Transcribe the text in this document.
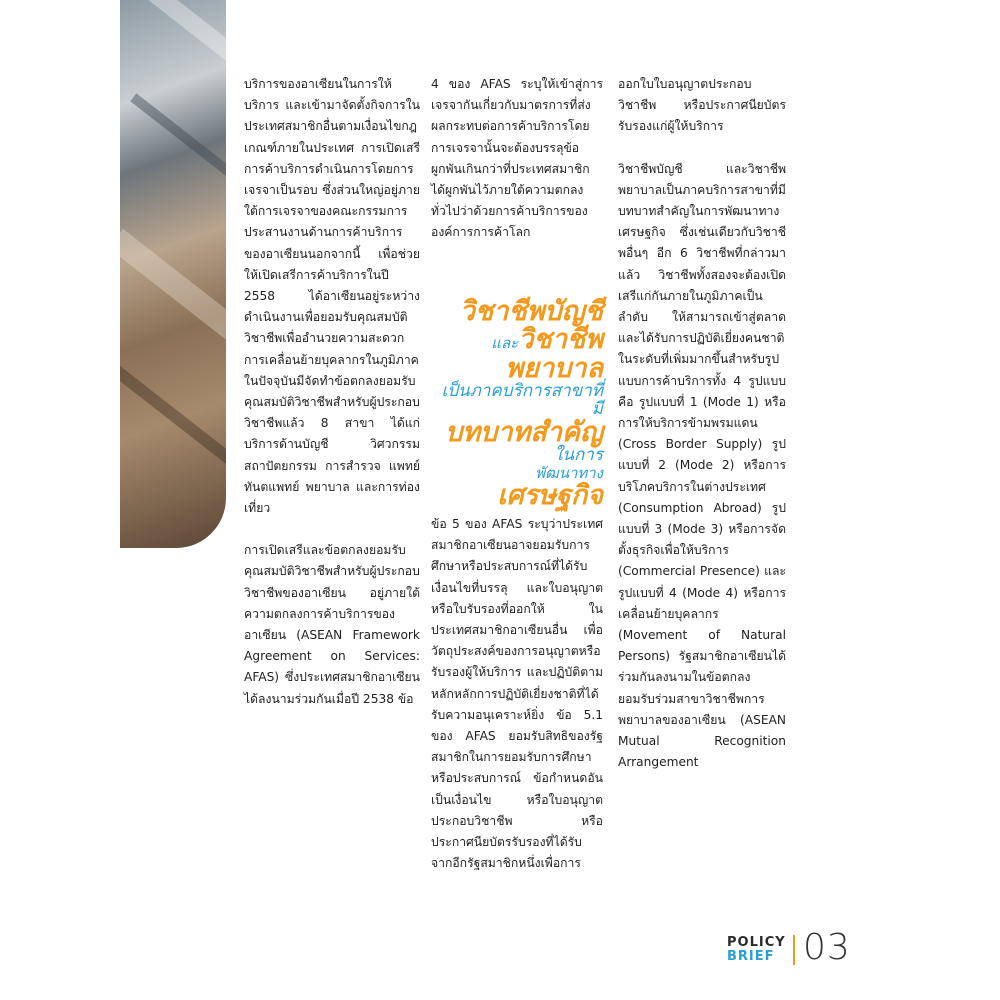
บริการของอาเซียนในการให้บริการ และเข้ามาจัดตั้งกิจการในประเทศสมาชิกอื่นตามเงื่อนไขกฎเกณฑ์ภายในประเทศ การเปิดเสรีการค้าบริการดำเนินการโดยการเจรจาเป็นรอบ ซึ่งส่วนใหญ่อยู่ภายใต้การเจรจาของคณะกรรมการประสานงานด้านการค้าบริการของอาเซียนนอกจากนี้ เพื่อช่วยให้เปิดเสรีการค้าบริการในปี 2558 ได้อาเซียนอยู่ระหว่างดำเนินงานเพื่อยอมรับคุณสมบัติวิชาชีพเพื่ออำนวยความสะดวกการเคลื่อนย้ายบุคลากรในภูมิภาคในปัจจุบันมีจัดทำข้อตกลงยอมรับคุณสมบัติวิชาชีพสำหรับผู้ประกอบวิชาชีพแล้ว 8 สาขา ได้แก่ บริการด้านบัญชี วิศวกรรม สถาปัตยกรรม การสำรวจ แพทย์ ทันตแพทย์ พยาบาล และการท่องเที่ยว

การเปิดเสรีและข้อตกลงยอมรับคุณสมบัติวิชาชีพสำหรับผู้ประกอบวิชาชีพของอาเซียน อยู่ภายใต้ความตกลงการค้าบริการของอาเซียน (ASEAN Framework Agreement on Services: AFAS) ซึ่งประเทศสมาชิกอาเซียนได้ลงนามร่วมกันเมื่อปี 2538 ข้อ

4 ของ AFAS ระบุให้เข้าสู่การเจรจากันเกี่ยวกับมาตรการที่ส่งผลกระทบต่อการค้าบริการโดยการเจรจานั้นจะต้องบรรลุข้อผูกพันเกินกว่าที่ประเทศสมาชิกได้ผูกพันไว้ภายใต้ความตกลงทั่วไปว่าด้วยการค้าบริการขององค์การการค้าโลก

วิชาชีพบัญชี
และวิชาชีพพยาบาล
เป็นภาคบริการสาขาที่มี
บทบาทสำคัญในการ
พัฒนาทางเศรษฐกิจ

ข้อ 5 ของ AFAS ระบุว่าประเทศสมาชิกอาเซียนอาจยอมรับการศึกษาหรือประสบการณ์ที่ได้รับ เงื่อนไขที่บรรลุ และใบอนุญาตหรือใบรับรองที่ออกให้ ในประเทศสมาชิกอาเซียนอื่น เพื่อวัตถุประสงค์ของการอนุญาตหรือรับรองผู้ให้บริการ และปฏิบัติตามหลักหลักการปฏิบัติเยี่ยงชาติที่ได้รับความอนุเคราะห์ยิ่ง ข้อ 5.1 ของ AFAS ยอมรับสิทธิของรัฐสมาชิกในการยอมรับการศึกษาหรือประสบการณ์ ข้อกำหนดอันเป็นเงื่อนไข หรือใบอนุญาตประกอบวิชาชีพ หรือประกาศนียบัตรรับรองที่ได้รับจากอีกรัฐสมาชิกหนึ่งเพื่อการ

ออกใบใบอนุญาตประกอบวิชาชีพ หรือประกาศนียบัตรรับรองแก่ผู้ให้บริการ

วิชาชีพบัญชี และวิชาชีพพยาบาลเป็นภาคบริการสาขาที่มีบทบาทสำคัญในการพัฒนาทางเศรษฐกิจ ซึ่งเช่นเดียวกับวิชาชีพอื่นๆ อีก 6 วิชาชีพที่กล่าวมาแล้ว วิชาชีพทั้งสองจะต้องเปิดเสรีแก่กันภายในภูมิภาคเป็นลำดับ ให้สามารถเข้าสู่ตลาด และได้รับการปฏิบัติเยี่ยงคนชาติในระดับที่เพิ่มมากขึ้นสำหรับรูปแบบการค้าบริการทั้ง 4 รูปแบบ คือ รูปแบบที่ 1 (Mode 1) หรือการให้บริการข้ามพรมแดน (Cross Border Supply) รูปแบบที่ 2 (Mode 2) หรือการบริโภคบริการในต่างประเทศ (Consumption Abroad) รูปแบบที่ 3 (Mode 3) หรือการจัดตั้งธุรกิจเพื่อให้บริการ (Commercial Presence) และรูปแบบที่ 4 (Mode 4) หรือการเคลื่อนย้ายบุคลากร (Movement of Natural Persons) รัฐสมาชิกอาเซียนได้ร่วมกันลงนามในข้อตกลงยอมรับร่วมสาขาวิชาชีพการพยาบาลของอาเซียน (ASEAN Mutual Recognition Arrangement

POLICY
BRIEF 03
